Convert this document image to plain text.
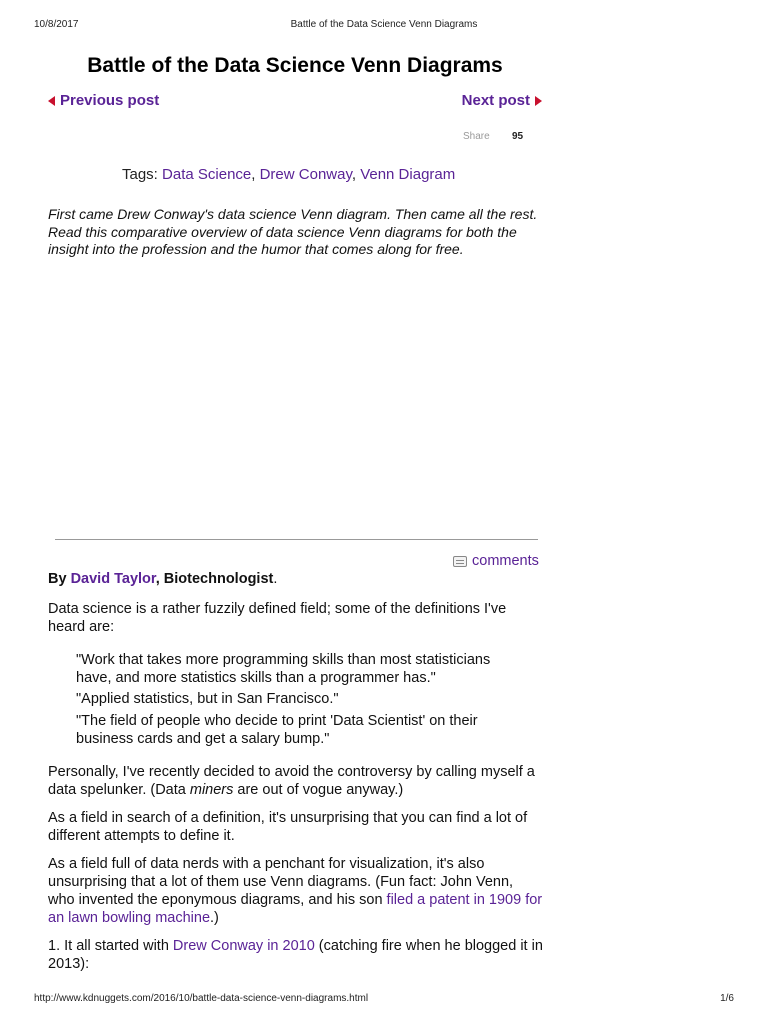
10/8/2017	Battle of the Data Science Venn Diagrams
Battle of the Data Science Venn Diagrams
Previous post	Next post
Share 95
Tags: Data Science, Drew Conway, Venn Diagram

First came Drew Conway's data science Venn diagram. Then came all the rest. Read this comparative overview of data science Venn diagrams for both the insight into the profession and the humor that comes along for free.

comments

By David Taylor, Biotechnologist.

Data science is a rather fuzzily defined field; some of the definitions I've heard are:

"Work that takes more programming skills than most statisticians have, and more statistics skills than a programmer has."

"Applied statistics, but in San Francisco."

"The field of people who decide to print 'Data Scientist' on their business cards and get a salary bump."

Personally, I've recently decided to avoid the controversy by calling myself a data spelunker. (Data miners are out of vogue anyway.)

As a field in search of a definition, it's unsurprising that you can find a lot of different attempts to define it.

As a field full of data nerds with a penchant for visualization, it's also unsurprising that a lot of them use Venn diagrams. (Fun fact: John Venn, who invented the eponymous diagrams, and his son filed a patent in 1909 for an lawn bowling machine.)

1. It all started with Drew Conway in 2010 (catching fire when he blogged it in 2013):

http://www.kdnuggets.com/2016/10/battle-data-science-venn-diagrams.html	1/6
